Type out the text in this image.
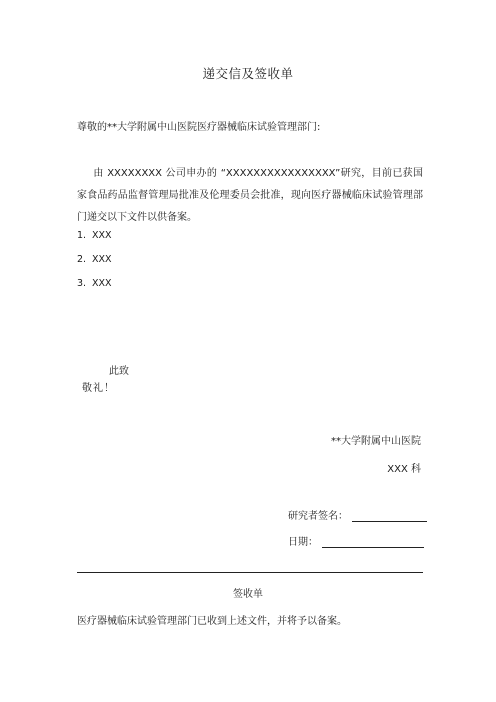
递交信及签收单
尊敬的**大学附属中山医院医疗器械临床试验管理部门:
由 XXXXXXXX 公司申办的 “XXXXXXXXXXXXXXXX”研究，目前已获国家食品药品监督管理局批准及伦理委员会批准，现向医疗器械临床试验管理部门递交以下文件以供备案。
1. XXX
2. XXX
3. XXX
此致
敬礼！
**大学附属中山医院
XXX 科
研究者签名：
日期：
签收单
医疗器械临床试验管理部门已收到上述文件，并将予以备案。
